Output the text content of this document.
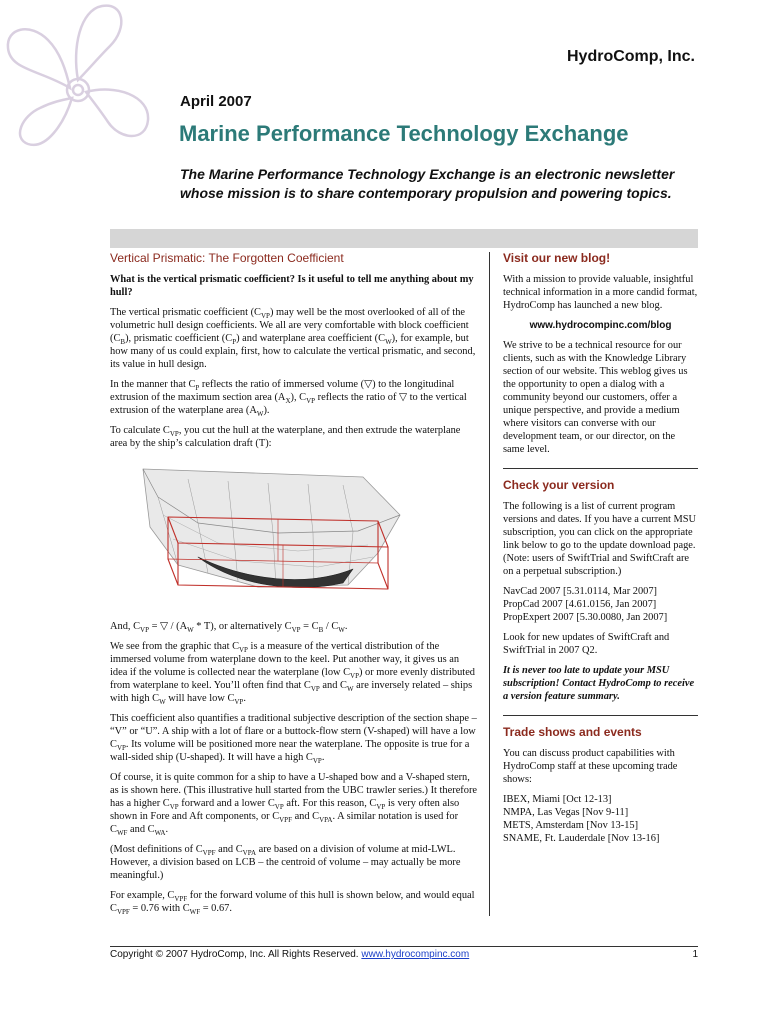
HydroComp, Inc.
April 2007
Marine Performance Technology Exchange
The Marine Performance Technology Exchange is an electronic newsletter whose mission is to share contemporary propulsion and powering topics.
Vertical Prismatic: The Forgotten Coefficient

What is the vertical prismatic coefficient? Is it useful to tell me anything about my hull?

The vertical prismatic coefficient $(C_{VP})$ may well be the most overlooked of all of the volumetric hull design coefficients. We all are very comfortable with block coefficient $(C_B)$, prismatic coefficient $(C_P)$ and waterplane area coefficient $(C_W)$, for example, but how many of us could explain, first, how to calculate the vertical prismatic, and second, its value in hull design.

In the manner that $C_P$ reflects the ratio of immersed volume (▽) to the longitudinal extrusion of the maximum section area $(A_X)$, $C_{VP}$ reflects the ratio of ▽ to the vertical extrusion of the waterplane area $(A_W)$.

To calculate $C_{VP}$, you cut the hull at the waterplane, and then extrude the waterplane area by the ship’s calculation draft (T):

And, $C_{VP}$ = ▽ / $(A_W * T)$, or alternatively $C_{VP} = C_B / C_W$.

We see from the graphic that $C_{VP}$ is a measure of the vertical distribution of the immersed volume from waterplane down to the keel. Put another way, it gives us an idea if the volume is collected near the waterplane (low $C_{VP}$) or more evenly distributed from waterplane to keel. You’ll often find that $C_{VP}$ and $C_W$ are inversely related – ships with high $C_W$ will have low $C_{VP}$.

This coefficient also quantifies a traditional subjective description of the section shape – “V” or “U”. A ship with a lot of flare or a buttock-flow stern (V-shaped) will have a low $C_{VP}$. Its volume will be positioned more near the waterplane. The opposite is true for a wall-sided ship (U-shaped). It will have a high $C_{VP}$.

Of course, it is quite common for a ship to have a U-shaped bow and a V-shaped stern, as is shown here. (This illustrative hull started from the UBC trawler series.) It therefore has a higher $C_{VP}$ forward and a lower $C_{VP}$ aft. For this reason, $C_{VP}$ is very often also shown in Fore and Aft components, or $C_{VPF}$ and $C_{VPA}$. A similar notation is used for $C_{WF}$ and $C_{WA}$.

(Most definitions of $C_{VPF}$ and $C_{VPA}$ are based on a division of volume at mid-LWL. However, a division based on LCB – the centroid of volume – may actually be more meaningful.)

For example, $C_{VPF}$ for the forward volume of this hull is shown below, and would equal $C_{VPF} = 0.76$ with $C_{WF} = 0.67$.

Visit our new blog!

With a mission to provide valuable, insightful technical information in a more candid format, HydroComp has launched a new blog.

www.hydrocompinc.com/blog

We strive to be a technical resource for our clients, such as with the Knowledge Library section of our website. This weblog gives us the opportunity to open a dialog with a community beyond our customers, offer a unique perspective, and provide a medium where visitors can converse with our development team, or our director, on the same level.

Check your version

The following is a list of current program versions and dates. If you have a current MSU subscription, you can click on the appropriate link below to go to the update download page. (Note: users of SwiftTrial and SwiftCraft are on a perpetual subscription.)

NavCad 2007 [5.31.0114, Mar 2007]
PropCad 2007 [4.61.0156, Jan 2007]
PropExpert 2007 [5.30.0080, Jan 2007]

Look for new updates of SwiftCraft and SwiftTrial in 2007 Q2.

It is never too late to update your MSU subscription! Contact HydroComp to receive a version feature summary.

Trade shows and events

You can discuss product capabilities with HydroComp staff at these upcoming trade shows:

IBEX, Miami [Oct 12-13]
NMPA, Las Vegas [Nov 9-11]
METS, Amsterdam [Nov 13-15]
SNAME, Ft. Lauderdale [Nov 13-16]
Copyright © 2007 HydroComp, Inc. All Rights Reserved. www.hydrocompinc.com	1
